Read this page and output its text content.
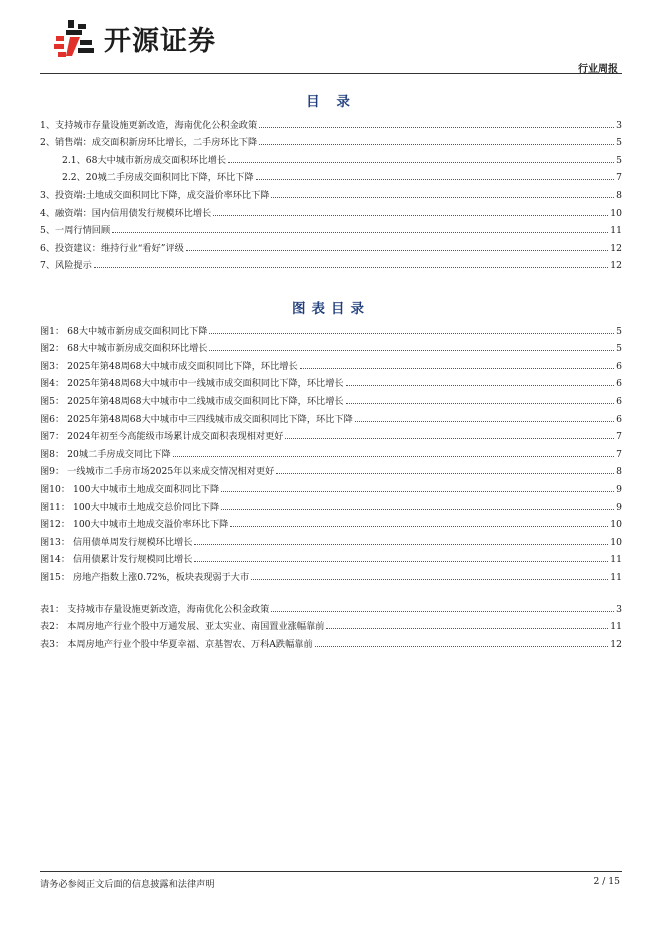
开源证券
行业周报
目 录
1、支持城市存量设施更新改造，海南优化公积金政策	3
2、销售端：成交面积新房环比增长，二手房环比下降	5
2.1、68大中城市新房成交面积环比增长	5
2.2、20城二手房成交面积同比下降，环比下降	7
3、投资端:土地成交面积同比下降，成交溢价率环比下降	8
4、融资端：国内信用债发行规模环比增长	10
5、一周行情回顾	11
6、投资建议：维持行业“看好”评级	12
7、风险提示	12
图表目录
图1： 68大中城市新房成交面积同比下降	5
图2： 68大中城市新房成交面积环比增长	5
图3： 2025年第48周68大中城市成交面积同比下降，环比增长	6
图4： 2025年第48周68大中城市中一线城市成交面积同比下降，环比增长	6
图5： 2025年第48周68大中城市中二线城市成交面积同比下降，环比增长	6
图6： 2025年第48周68大中城市中三四线城市成交面积同比下降，环比下降	6
图7： 2024年初至今高能级市场累计成交面积表现相对更好	7
图8： 20城二手房成交同比下降	7
图9： 一线城市二手房市场2025年以来成交情况相对更好	8
图10： 100大中城市土地成交面积同比下降	9
图11： 100大中城市土地成交总价同比下降	9
图12： 100大中城市土地成交溢价率环比下降	10
图13： 信用债单周发行规模环比增长	10
图14： 信用债累计发行规模同比增长	11
图15： 房地产指数上涨0.72%，板块表现弱于大市	11
表1： 支持城市存量设施更新改造，海南优化公积金政策	3
表2： 本周房地产行业个股中万通发展、亚太实业、南国置业涨幅靠前	11
表3： 本周房地产行业个股中华夏幸福、京基智农、万科A跌幅靠前	12
请务必参阅正文后面的信息披露和法律声明	2 / 15
